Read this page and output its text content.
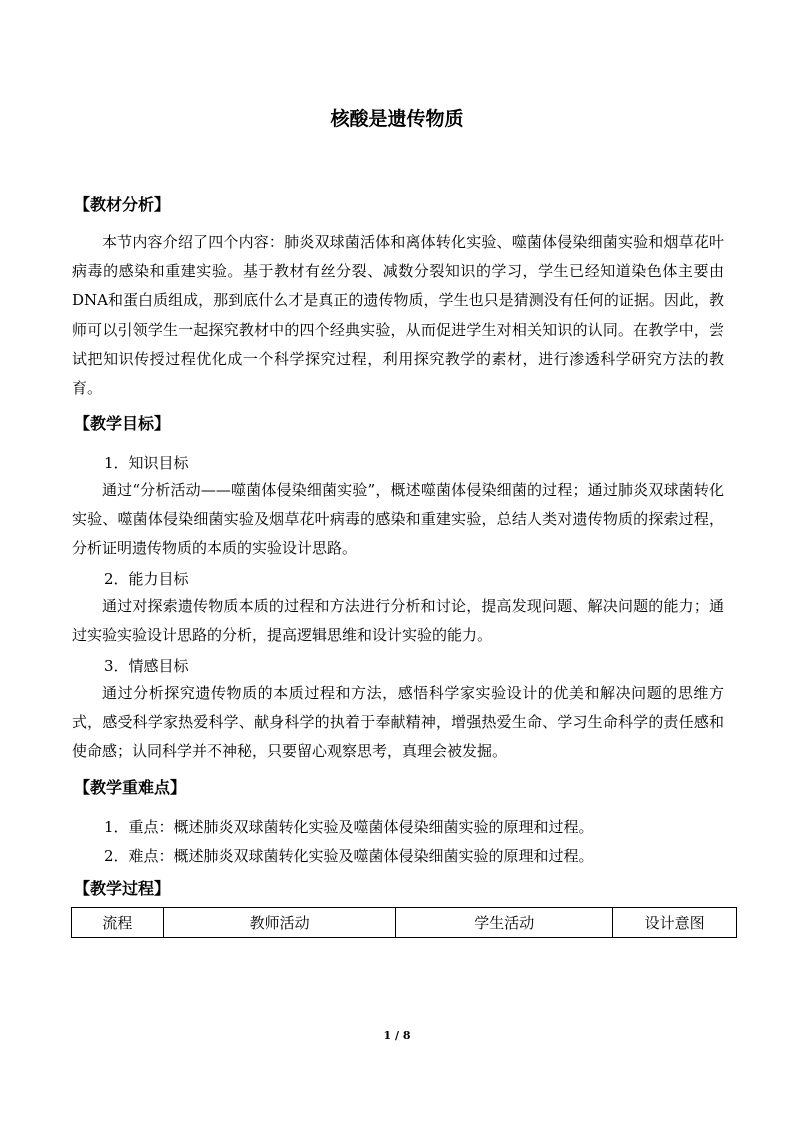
核酸是遗传物质
【教材分析】

本节内容介绍了四个内容：肺炎双球菌活体和离体转化实验、噬菌体侵染细菌实验和烟草花叶病毒的感染和重建实验。基于教材有丝分裂、减数分裂知识的学习，学生已经知道染色体主要由DNA和蛋白质组成，那到底什么才是真正的遗传物质，学生也只是猜测没有任何的证据。因此，教师可以引领学生一起探究教材中的四个经典实验，从而促进学生对相关知识的认同。在教学中，尝试把知识传授过程优化成一个科学探究过程，利用探究教学的素材，进行渗透科学研究方法的教育。

【教学目标】

1．知识目标

通过“分析活动——噬菌体侵染细菌实验”，概述噬菌体侵染细菌的过程；通过肺炎双球菌转化实验、噬菌体侵染细菌实验及烟草花叶病毒的感染和重建实验，总结人类对遗传物质的探索过程，分析证明遗传物质的本质的实验设计思路。

2．能力目标

通过对探索遗传物质本质的过程和方法进行分析和讨论，提高发现问题、解决问题的能力；通过实验实验设计思路的分析，提高逻辑思维和设计实验的能力。

3．情感目标

通过分析探究遗传物质的本质过程和方法，感悟科学家实验设计的优美和解决问题的思维方式，感受科学家热爱科学、献身科学的执着于奉献精神，增强热爱生命、学习生命科学的责任感和使命感；认同科学并不神秘，只要留心观察思考，真理会被发掘。

【教学重难点】

1．重点：概述肺炎双球菌转化实验及噬菌体侵染细菌实验的原理和过程。

2．难点：概述肺炎双球菌转化实验及噬菌体侵染细菌实验的原理和过程。

【教学过程】
流程	教师活动	学生活动	设计意图

1 / 8
